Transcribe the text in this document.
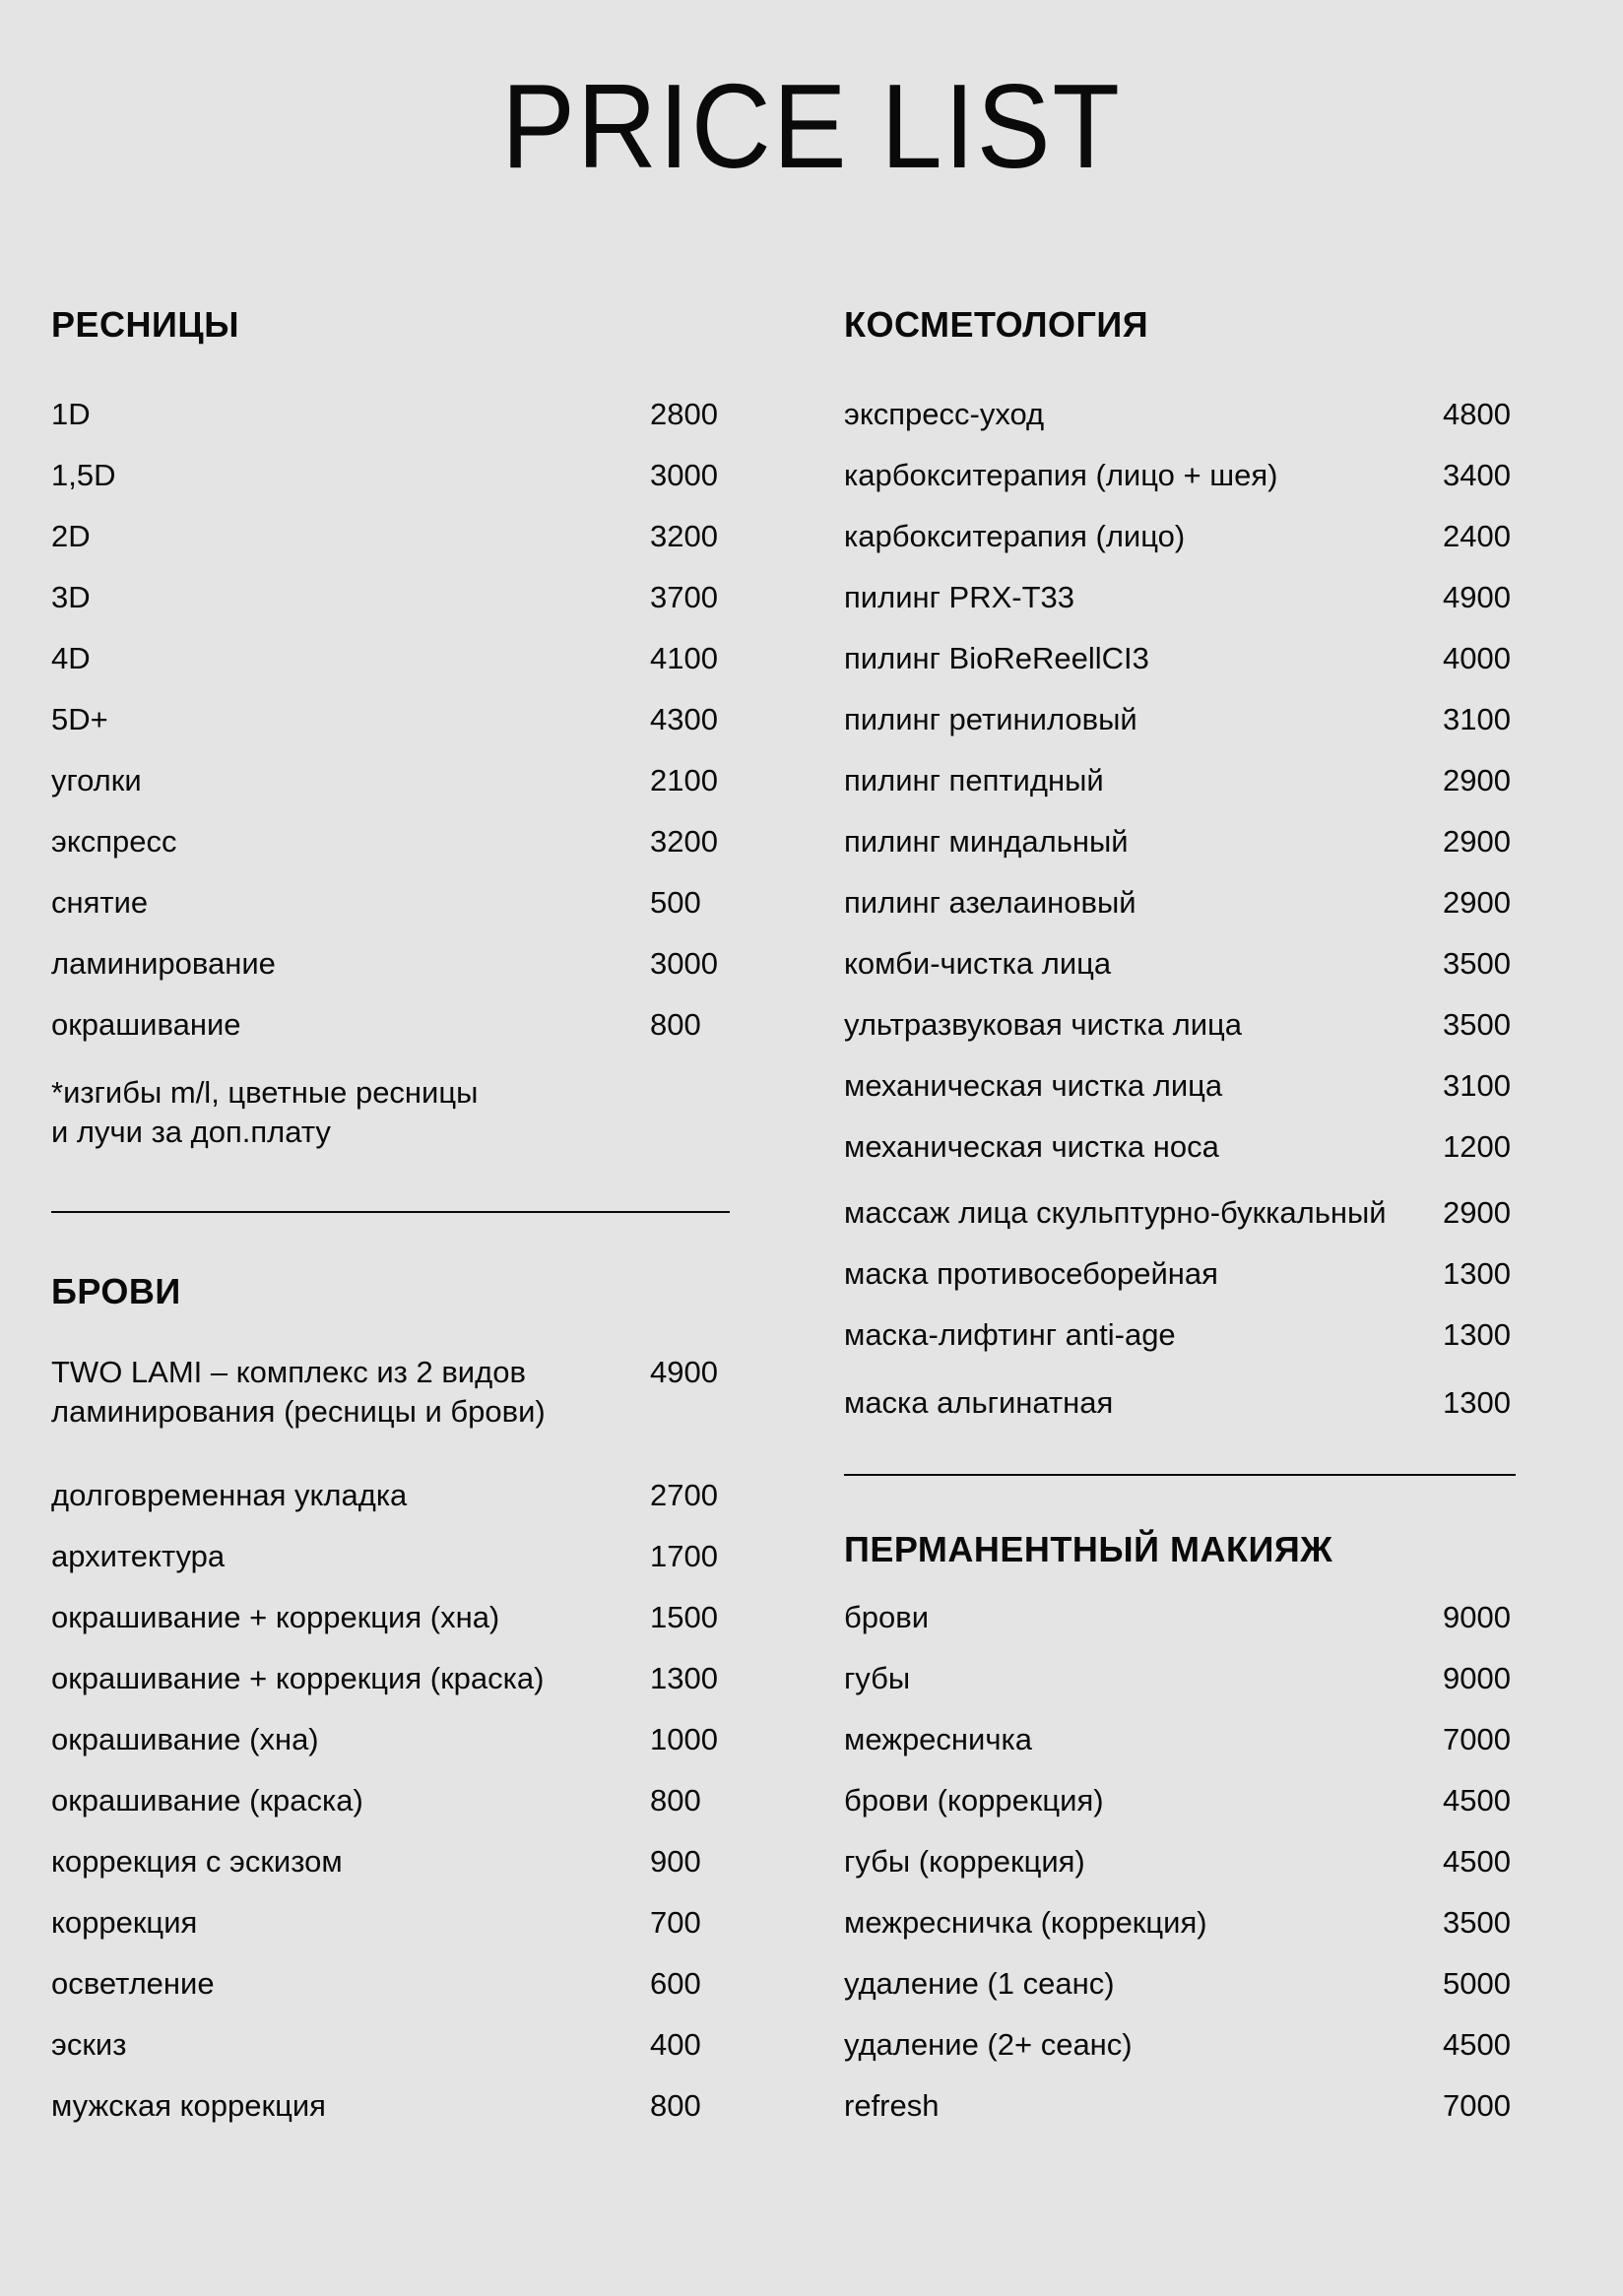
PRICE LIST
РЕСНИЦЫ
1D	2800
1,5D	3000
2D	3200
3D	3700
4D	4100
5D+	4300
уголки	2100
экспресс	3200
снятие	500
ламинирование	3000
окрашивание	800
*изгибы m/l, цветные ресницы
и лучи за доп.плату
БРОВИ
TWO LAMI – комплекс из 2 видов	4900
ламинирования (ресницы и брови)
долговременная укладка	2700
архитектура	1700
окрашивание + коррекция (хна)	1500
окрашивание + коррекция (краска)	1300
окрашивание (хна)	1000
окрашивание (краска)	800
коррекция с эскизом	900
коррекция	700
осветление	600
эскиз	400
мужская коррекция	800
КОСМЕТОЛОГИЯ
экспресс-уход	4800
карбокситерапия (лицо + шея)	3400
карбокситерапия (лицо)	2400
пилинг PRX-T33	4900
пилинг BioReReellCI3	4000
пилинг ретиниловый	3100
пилинг пептидный	2900
пилинг миндальный	2900
пилинг азелаиновый	2900
комби-чистка лица	3500
ультразвуковая чистка лица	3500
механическая чистка лица	3100
механическая чистка носа	1200
массаж лица скульптурно-буккальный 2900
маска противосеборейная	1300
маска-лифтинг anti-age	1300
маска альгинатная	1300
ПЕРМАНЕНТНЫЙ МАКИЯЖ
брови	9000
губы	9000
межресничка	7000
брови (коррекция)	4500
губы (коррекция)	4500
межресничка (коррекция)	3500
удаление (1 сеанс)	5000
удаление (2+ сеанс)	4500
refresh	7000
